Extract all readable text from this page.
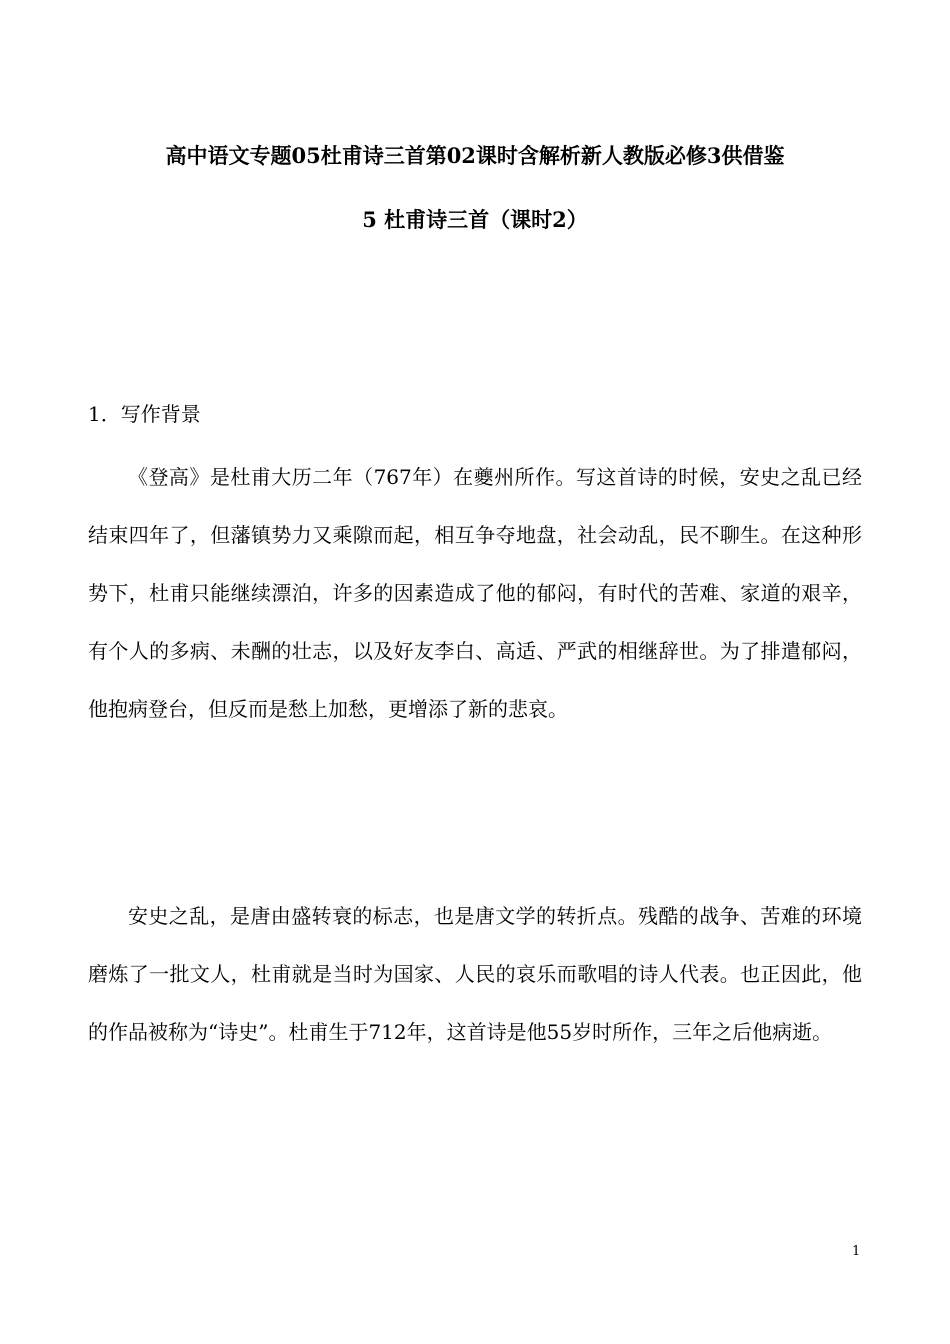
高中语文专题05杜甫诗三首第02课时含解析新人教版必修3供借鉴
5 杜甫诗三首（课时2）
1．写作背景

《登高》是杜甫大历二年（767年）在夔州所作。写这首诗的时候，安史之乱已经结束四年了，但藩镇势力又乘隙而起，相互争夺地盘，社会动乱，民不聊生。在这种形势下，杜甫只能继续漂泊，许多的因素造成了他的郁闷，有时代的苦难、家道的艰辛，有个人的多病、未酬的壮志，以及好友李白、高适、严武的相继辞世。为了排遣郁闷，他抱病登台，但反而是愁上加愁，更增添了新的悲哀。

安史之乱，是唐由盛转衰的标志，也是唐文学的转折点。残酷的战争、苦难的环境磨炼了一批文人，杜甫就是当时为国家、人民的哀乐而歌唱的诗人代表。也正因此，他的作品被称为“诗史”。杜甫生于712年，这首诗是他55岁时所作，三年之后他病逝。

1
